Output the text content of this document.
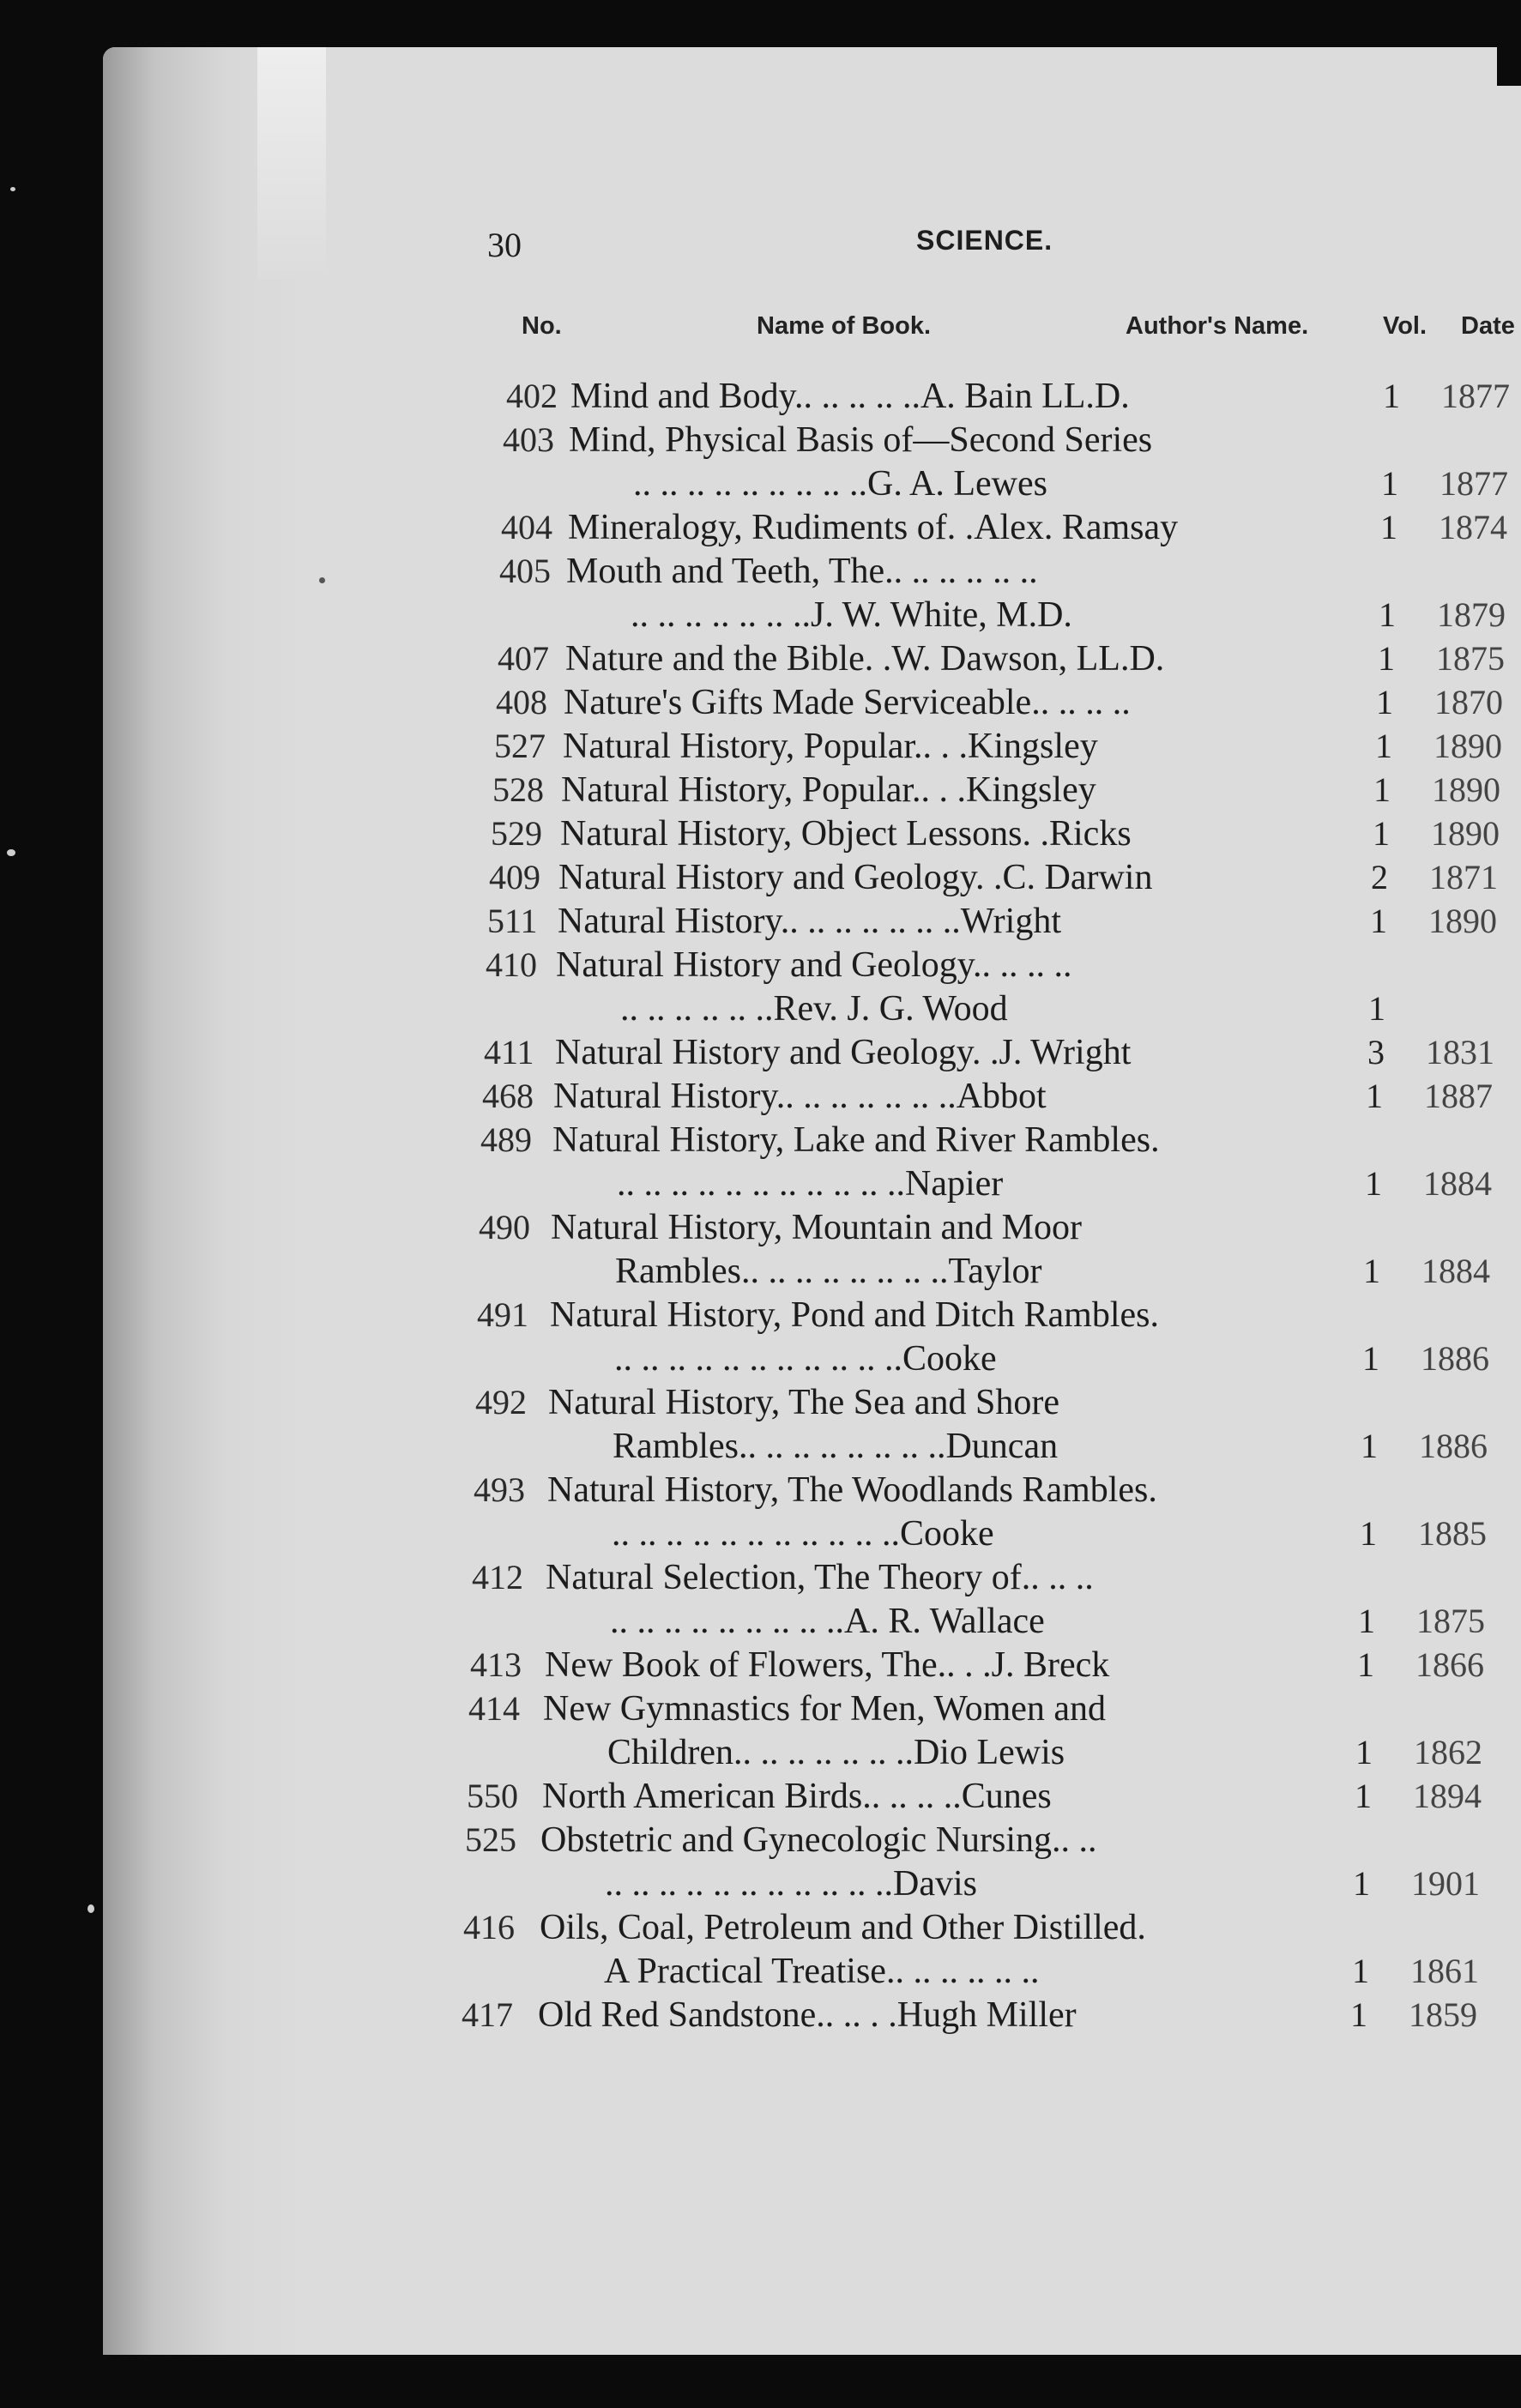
30	SCIENCE.
No.	Name of Book.	Author's Name.	Vol. Date
402 Mind and Body.. .. .. .. ..A. Bain LL.D.	1 1877
403 Mind, Physical Basis of—Second Series
.. .. .. .. .. .. .. .. ..G. A. Lewes	1 1877
404 Mineralogy, Rudiments of. .Alex. Ramsay	1 1874
405 Mouth and Teeth, The.. .. .. .. .. ..
.. .. .. .. .. .. ..J. W. White, M.D.	1 1879
407 Nature and the Bible. .W. Dawson, LL.D.	1 1875
408 Nature's Gifts Made Serviceable.. .. .. ..	1 1870
527 Natural History, Popular.. . .Kingsley	1 1890
528 Natural History, Popular.. . .Kingsley	1 1890
529 Natural History, Object Lessons. .Ricks	1 1890
409 Natural History and Geology. .C. Darwin	2 1871
511 Natural History.. .. .. .. .. .. ..Wright	1 1890
410 Natural History and Geology.. .. .. ..
.. .. .. .. .. ..Rev. J. G. Wood	1
411 Natural History and Geology. .J. Wright	3 1831
468 Natural History.. .. .. .. .. .. ..Abbot	1 1887
489 Natural History, Lake and River Rambles.
.. .. .. .. .. .. .. .. .. .. ..Napier	1 1884
490 Natural History, Mountain and Moor
Rambles.. .. .. .. .. .. .. ..Taylor	1 1884
491 Natural History, Pond and Ditch Rambles.
.. .. .. .. .. .. .. .. .. .. ..Cooke	1 1886
492 Natural History, The Sea and Shore
Rambles.. .. .. .. .. .. .. ..Duncan	1 1886
493 Natural History, The Woodlands Rambles.
.. .. .. .. .. .. .. .. .. .. ..Cooke	1 1885
412 Natural Selection, The Theory of.. .. ..
.. .. .. .. .. .. .. .. ..A. R. Wallace	1 1875
413 New Book of Flowers, The.. . .J. Breck	1 1866
414 New Gymnastics for Men, Women and
Children.. .. .. .. .. .. ..Dio Lewis	1 1862
550 North American Birds.. .. .. ..Cunes	1 1894
525 Obstetric and Gynecologic Nursing.. ..
.. .. .. .. .. .. .. .. .. .. ..Davis	1 1901
416 Oils, Coal, Petroleum and Other Distilled.
A Practical Treatise.. .. .. .. .. ..	1 1861
417 Old Red Sandstone.. .. . .Hugh Miller	1 1859
